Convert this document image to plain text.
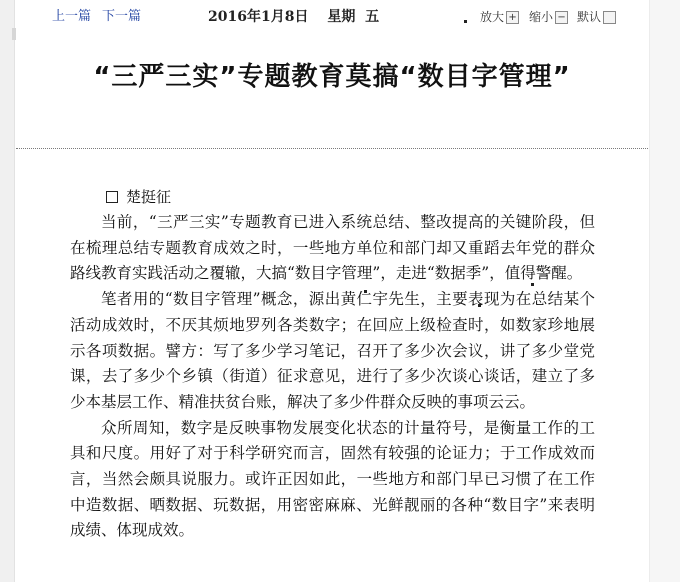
上一篇 下一篇	2016年1月8日 星期  五	放大 + 缩小 − 默认
“三严三实”专题教育莫搞“数目字管理”
楚挺征

当前，“三严三实”专题教育已进入系统总结、整改提高的关键阶段，但在梳理总结专题教育成效之时，一些地方单位和部门却又重蹈去年党的群众路线教育实践活动之覆辙，大搞“数目字管理”，走进“数据季”，值得警醒。

笔者用的“数目字管理”概念，源出黄仁宇先生，主要表现为在总结某个活动成效时，不厌其烦地罗列各类数字；在回应上级检查时，如数家珍地展示各项数据。譬方：写了多少学习笔记，召开了多少次会议，讲了多少堂党课，去了多少个乡镇（街道）征求意见，进行了多少次谈心谈话，建立了多少本基层工作、精准扶贫台账，解决了多少件群众反映的事项云云。

众所周知，数字是反映事物发展变化状态的计量符号，是衡量工作的工具和尺度。用好了对于科学研究而言，固然有较强的论证力；于工作成效而言，当然会颇具说服力。或许正因如此，一些地方和部门早已习惯了在工作中造数据、晒数据、玩数据，用密密麻麻、光鲜靓丽的各种“数目字”来表明成绩、体现成效。
